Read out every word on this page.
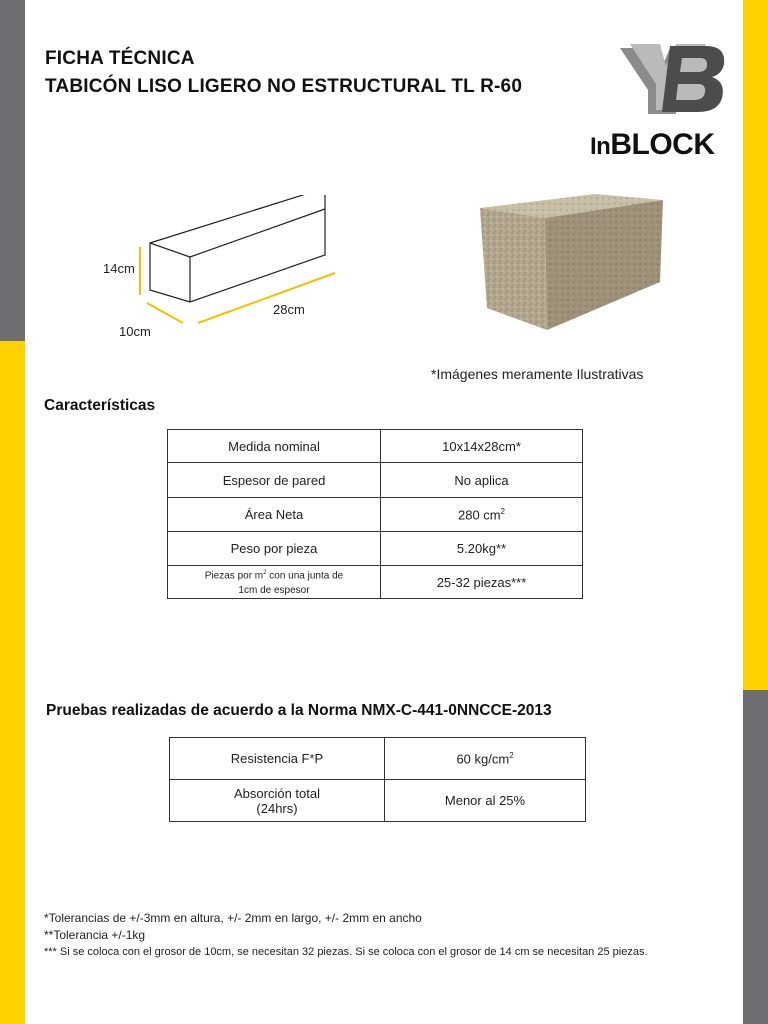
FICHA TÉCNICA
TABICÓN LISO LIGERO NO ESTRUCTURAL TL R-60
InBLOCK
14cm
28cm
10cm
*Imágenes meramente Ilustrativas
Características
Medida nominal	10x14x28cm*
Espesor de pared	No aplica
Área Neta	280 $cm^2$
Peso por pieza	5.20kg**
Piezas por $m^2$ con una junta de
1cm de espesor	25-32 piezas***
Pruebas realizadas de acuerdo a la Norma NMX-C-441-0NNCCE-2013
Resistencia F*P	60 $kg/cm^2$
Absorción total
(24hrs)	Menor al 25%
*Tolerancias de +/-3mm en altura, +/- 2mm en largo, +/- 2mm en ancho
**Tolerancia +/-1kg
*** Si se coloca con el grosor de 10cm, se necesitan 32 piezas. Si se coloca con el grosor de 14 cm se necesitan 25 piezas.
